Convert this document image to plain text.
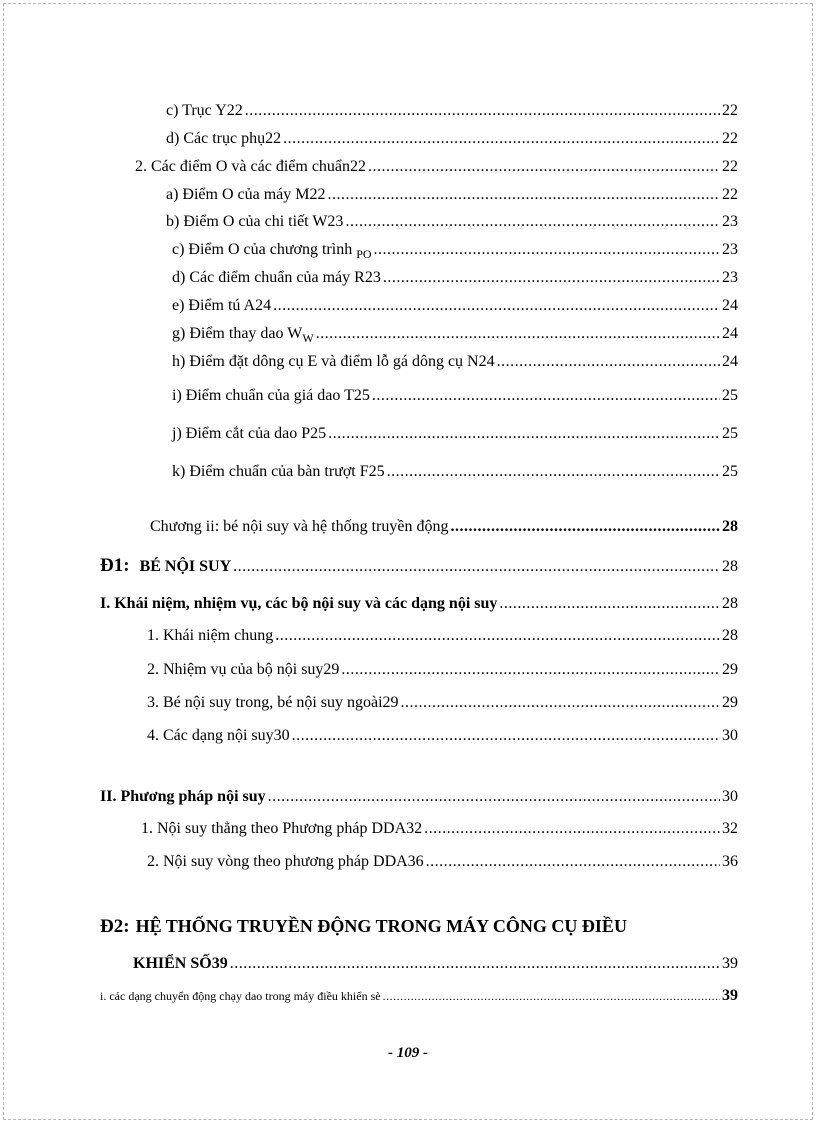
c) Trục Y22 .....	22
d) Các trục phụ22 .....	22
2. Các điểm O và các điểm chuẩn22 .....	22
a) Điểm O của máy M22 .....	22
b) Điểm O của chi tiết W23 .....	23
c) Điểm O của chương trình $_{PO}$ .....	23
d) Các điểm chuẩn của máy R23 .....	23
e) Điểm tú A24 .....	24
g) Điểm thay dao $W_W$ .....	24
h) Điểm đặt dông cụ E và điểm lỗ gá dông cụ N24 .....	24
i) Điểm chuẩn của giá dao T25 .....	25
j) Điểm cắt của dao P25 .....	25
k) Điểm chuẩn của bàn trượt F25 .....	25
Chương ii: bé nội suy và hệ thống truyền động .....	28
Đ1: BÉ NỘI SUY .....	28
I. Khái niệm, nhiệm vụ, các bộ nội suy và các dạng nội suy .....	28
1. Khái niệm chung .....	28
2. Nhiệm vụ của bộ nội suy29 .....	29
3. Bé nội suy trong, bé nội suy ngoài29 .....	29
4. Các dạng nội suy30 .....	30
II. Phương pháp nội suy .....	30
1. Nội suy thẳng theo Phương pháp DDA32 .....	32
2. Nội suy vòng theo phương pháp DDA36 .....	36
Đ2: HỆ THỐNG TRUYỀN ĐỘNG TRONG MÁY CÔNG CỤ ĐIỀU
KHIỂN SỐ39 .....	39
i. các dạng chuyển động chạy dao trong máy điều khiển sè .....	39
- 109 -
